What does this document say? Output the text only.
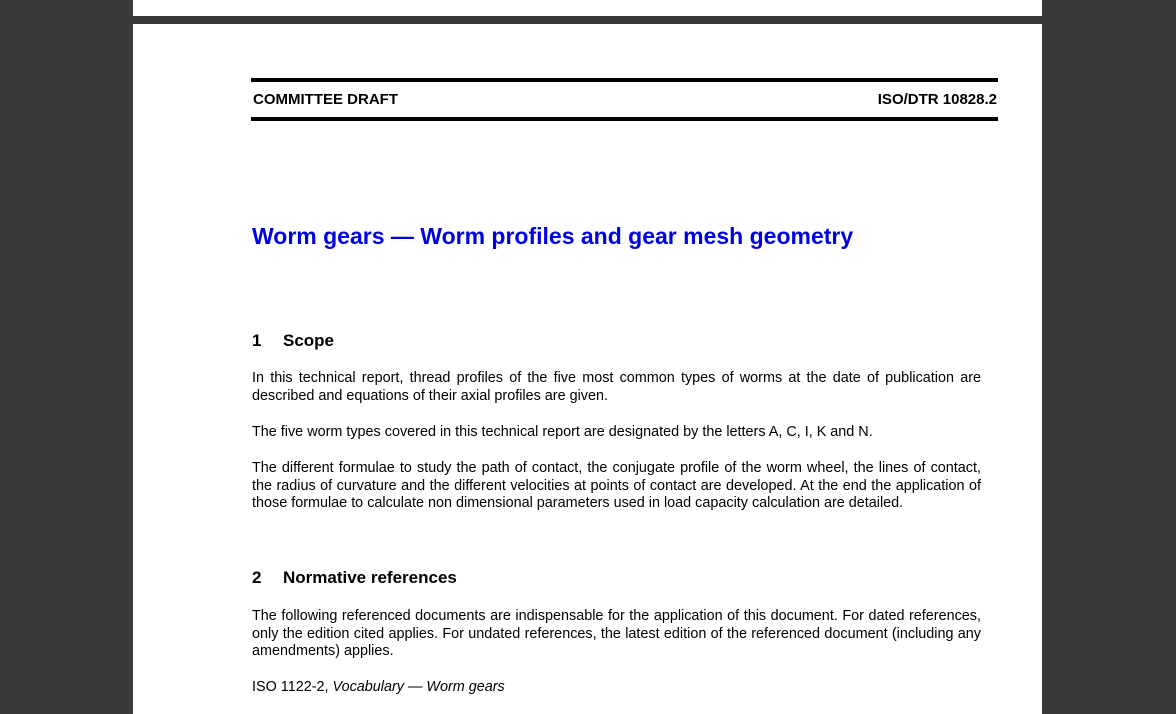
COMMITTEE DRAFT	ISO/DTR 10828.2
Worm gears — Worm profiles and gear mesh geometry
1 Scope

In this technical report, thread profiles of the five most common types of worms at the date of publication are described and equations of their axial profiles are given.

The five worm types covered in this technical report are designated by the letters A, C, I, K and N.

The different formulae to study the path of contact, the conjugate profile of the worm wheel, the lines of contact, the radius of curvature and the different velocities at points of contact are developed. At the end the application of those formulae to calculate non dimensional parameters used in load capacity calculation are detailed.

2 Normative references

The following referenced documents are indispensable for the application of this document. For dated references, only the edition cited applies. For undated references, the latest edition of the referenced document (including any amendments) applies.

ISO 1122-2, Vocabulary — Worm gears
